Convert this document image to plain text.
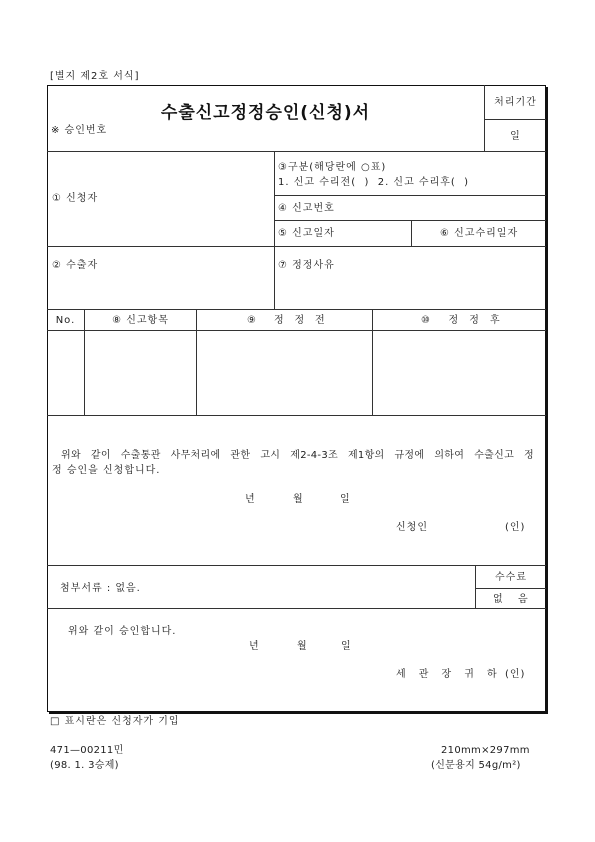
[별지 제2호 서식]
수출신고정정승인(신청)서
※ 승인번호
처리기간
일
① 신청자
③구분(해당란에 ○표)
1. 신고 수리전(  )  2. 신고 수리후(  )
④ 신고번호
⑤ 신고일자	⑥ 신고수리일자
② 수출자	⑦ 정정사유
No.	⑧ 신고항목	⑨ 정 정 전	⑩ 정 정 후
위와 같이 수출통관 사무처리에 관한 고시 제2-4-3조 제1항의 규정에 의하여 수출신고 정
정 승인을 신청합니다.
년	월	일
신청인	(인)
첨부서류 : 없음.
수수료
없 음
위와 같이 승인합니다.
년	월	일
세 관 장 귀 하 (인)
□ 표시란은 신청자가 기입
471—00211민
(98. 1. 3승제)
210mm×297mm
(신문용지 54g/m²)
